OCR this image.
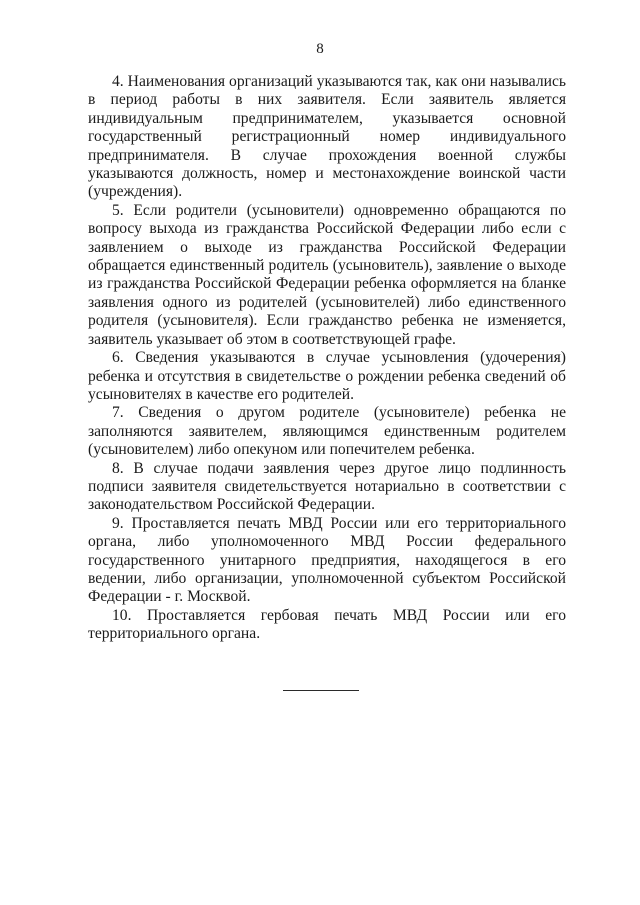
8

4. Наименования организаций указываются так, как они назывались в период работы в них заявителя. Если заявитель является индивидуальным предпринимателем, указывается основной государственный регистрационный номер индивидуального предпринимателя. В случае прохождения военной службы указываются должность, номер и местонахождение воинской части (учреждения).

5. Если родители (усыновители) одновременно обращаются по вопросу выхода из гражданства Российской Федерации либо если с заявлением о выходе из гражданства Российской Федерации обращается единственный родитель (усыновитель), заявление о выходе из гражданства Российской Федерации ребенка оформляется на бланке заявления одного из родителей (усыновителей) либо единственного родителя (усыновителя). Если гражданство ребенка не изменяется, заявитель указывает об этом в соответствующей графе.

6. Сведения указываются в случае усыновления (удочерения) ребенка и отсутствия в свидетельстве о рождении ребенка сведений об усыновителях в качестве его родителей.

7. Сведения о другом родителе (усыновителе) ребенка не заполняются заявителем, являющимся единственным родителем (усыновителем) либо опекуном или попечителем ребенка.

8. В случае подачи заявления через другое лицо подлинность подписи заявителя свидетельствуется нотариально в соответствии с законодательством Российской Федерации.

9. Проставляется печать МВД России или его территориального органа, либо уполномоченного МВД России федерального государственного унитарного предприятия, находящегося в его ведении, либо организации, уполномоченной субъектом Российской Федерации - г. Москвой.

10. Проставляется гербовая печать МВД России или его территориального органа.
